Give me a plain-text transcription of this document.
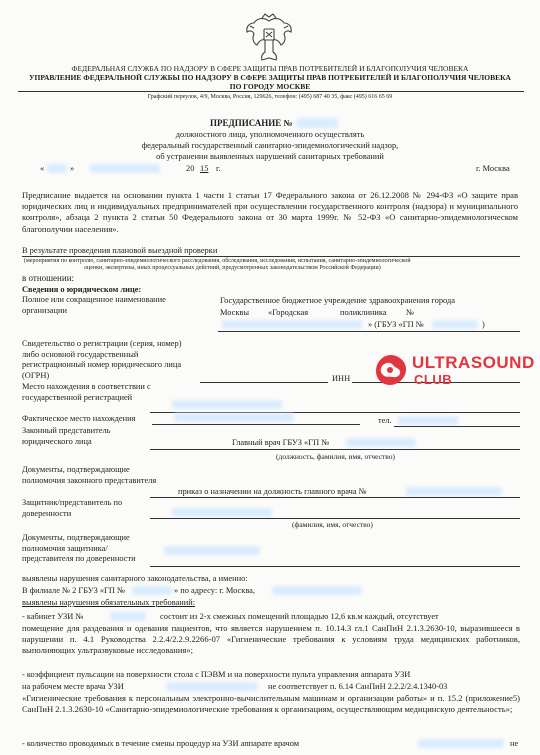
ФЕДЕРАЛЬНАЯ СЛУЖБА ПО НАДЗОРУ В СФЕРЕ ЗАЩИТЫ ПРАВ ПОТРЕБИТЕЛЕЙ И БЛАГОПОЛУЧИЯ ЧЕЛОВЕКА
УПРАВЛЕНИЕ ФЕДЕРАЛЬНОЙ СЛУЖБЫ ПО НАДЗОРУ В СФЕРЕ ЗАЩИТЫ ПРАВ ПОТРЕБИТЕЛЕЙ И БЛАГОПОЛУЧИЯ ЧЕЛОВЕКА
ПО ГОРОДУ МОСКВЕ
Графский переулок, 4/9, Москва, Россия, 129626, телефон: (495) 687 40 35, факс (495) 616 65 69
ПРЕДПИСАНИЕ №
должностного лица, уполномоченного осуществлять
федеральный государственный санитарно-эпидемиологический надзор,
об устранении выявленных нарушений санитарных требований
«	»	20 15 г.	г. Москва
Предписание выдается на основании пункта 1 части 1 статьи 17 Федерального закона от 26.12.2008 № 294-ФЗ «О защите прав юридических лиц и индивидуальных предпринимателей при осуществлении государственного контроля (надзора) и муниципального контроля», абзаца 2 пункта 2 статьи 50 Федерального закона от 30 марта 1999г. № 52-ФЗ «О санитарно-эпидемиологическом благополучии населения».
В результате проведения плановой выездной проверки
(мероприятия по контролю, санитарно-эпидемиологического расследования, обследования, исследования, испытания, санитарно-эпидемиологической
оценки, экспертизы, иных процессуальных действий, предусмотренных законодательством Российской Федерации)
в отношении:
Сведения о юридическом лице:
Полное или сокращенное наименование организации
Государственное бюджетное учреждение здравоохранения города
Москвы «Городская	поликлиника №
» (ГБУЗ «ГП №	)
Свидетельство о регистрации (серия, номер) либо основной государственный регистрационный номер юридического лица (ОГРН)	ИНН
Место нахождения в соответствии с государственной регистрацией
Фактическое место нахождения	тел.
Законный представитель юридического лица	Главный врач ГБУЗ «ГП №
(должность, фамилия, имя, отчество)
Документы, подтверждающие полномочия законного представителя
приказ о назначении на должность главного врача №
Защитник/представитель по доверенности
(фамилия, имя, отчество)
Документы, подтверждающие полномочия защитника/ представителя по доверенности
выявлены нарушения санитарного законодательства, а именно:
В филиале № 2 ГБУЗ «ГП №	» по адресу: г. Москва,
выявлены нарушения обязательных требований:
- кабинет УЗИ №	состоит из 2-х смежных помещений площадью 12,6 кв.м каждый, отсутствует
помещение для раздевания и одевания пациентов, что является нарушением п. 10.14.3 гл.1 СанПиН 2.1.3.2630-10, выразившееся в нарушении п. 4.1 Руководства 2.2.4/2.2.9.2266-07 «Гигиенические требования к условиям труда медицинских работников, выполняющих ультразвуковые исследования»;
- коэффициент пульсации на поверхности стола с ПЭВМ и на поверхности пульта управления аппарата УЗИ
на рабочем месте врача УЗИ	не соответствует п. 6.14 СанПиН 2.2.2/2.4.1340-03
«Гигиенические требования к персональным электронно-вычислительным машинам и организации работы» и п. 15.2 (приложение5) СанПиН 2.1.3.2630-10 «Санитарно-эпидемиологические требования к организациям, осуществляющим медицинскую деятельность»;
- количество проводимых в течение смены процедур на УЗИ аппарате врачом	не
ULTRASOUND
CLUB
